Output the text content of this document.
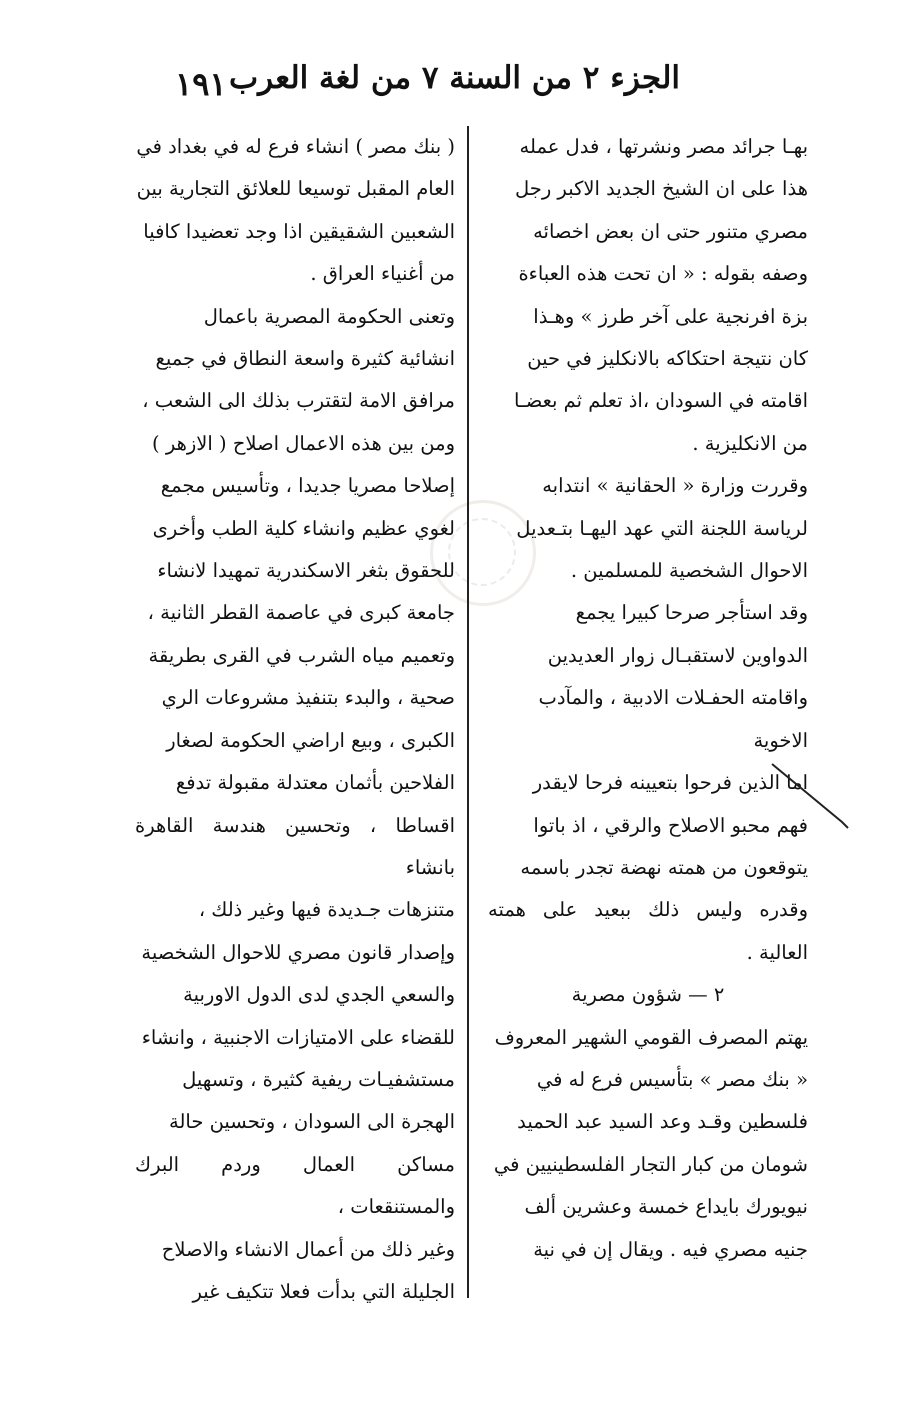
الجزء ٢ من السنة ٧ من لغة العرب
١٩١

بهـا جرائد مصر ونشرتها ، فدل عمله

هذا على ان الشيخ الجديد الاكبر رجل

مصري متنور حتى ان بعض اخصائه

وصفه بقوله : « ان تحت هذه العباءة

بزة افرنجية على آخر طرز » وهـذا

كان نتيجة احتكاكه بالانكليز في حين

اقامته في السودان ،اذ تعلم ثم بعضـا

من الانكليزية .

وقررت وزارة « الحقانية » انتدابه

لرياسة اللجنة التي عهد اليهـا بتـعديل

الاحوال الشخصية للمسلمين .

وقد استأجر صرحا كبيرا يجمع

الدواوين لاستقبـال زوار العديدين

واقامته الحفـلات الادبية ، والمآدب

الاخوية

اما الذين فرحوا بتعيينه فرحا لايقدر

فهم محبو الاصلاح والرقي ، اذ باتوا

يتوقعون من همته نهضة تجدر باسمه

وقدره وليس ذلك ببعيد على همته العالية .

٢ — شؤون مصرية

يهتم المصرف القومي الشهير المعروف

« بنك مصر » بتأسيس فرع له في

فلسطين وقـد وعد السيد عبد الحميد

شومان من كبار التجار الفلسطينيين في

نيويورك بايداع خمسة وعشرين ألف

جنيه مصري فيه . ويقال إن في نية

( بنك مصر ) انشاء فرع له في بغداد في

العام المقبل توسيعا للعلائق التجارية بين

الشعبين الشقيقين اذا وجد تعضيدا كافيا

من أغنياء العراق .

وتعنى الحكومة المصرية باعمال

انشائية كثيرة واسعة النطاق في جميع

مرافق الامة لتقترب بذلك الى الشعب ،

ومن بين هذه الاعمال اصلاح ( الازهر )

إصلاحا مصريا جديدا ، وتأسيس مجمع

لغوي عظيم وانشاء كلية الطب وأخرى

للحقوق بثغر الاسكندرية تمهيدا لانشاء

جامعة كبرى في عاصمة القطر الثانية ،

وتعميم مياه الشرب في القرى بطريقة

صحية ، والبدء بتنفيذ مشروعات الري

الكبرى ، وبيع اراضي الحكومة لصغار

الفلاحين بأثمان معتدلة مقبولة تدفع

اقساطا ، وتحسين هندسة القاهرة بانشاء

متنزهات جـديدة فيها وغير ذلك ،

وإصدار قانون مصري للاحوال الشخصية

والسعي الجدي لدى الدول الاوربية

للقضاء على الامتيازات الاجنبية ، وانشاء

مستشفيـات ريفية كثيرة ، وتسهيل

الهجرة الى السودان ، وتحسين حالة

مساكن العمال وردم البرك والمستنقعات ،

وغير ذلك من أعمال الانشاء والاصلاح

الجليلة التي بدأت فعلا تتكيف غير
